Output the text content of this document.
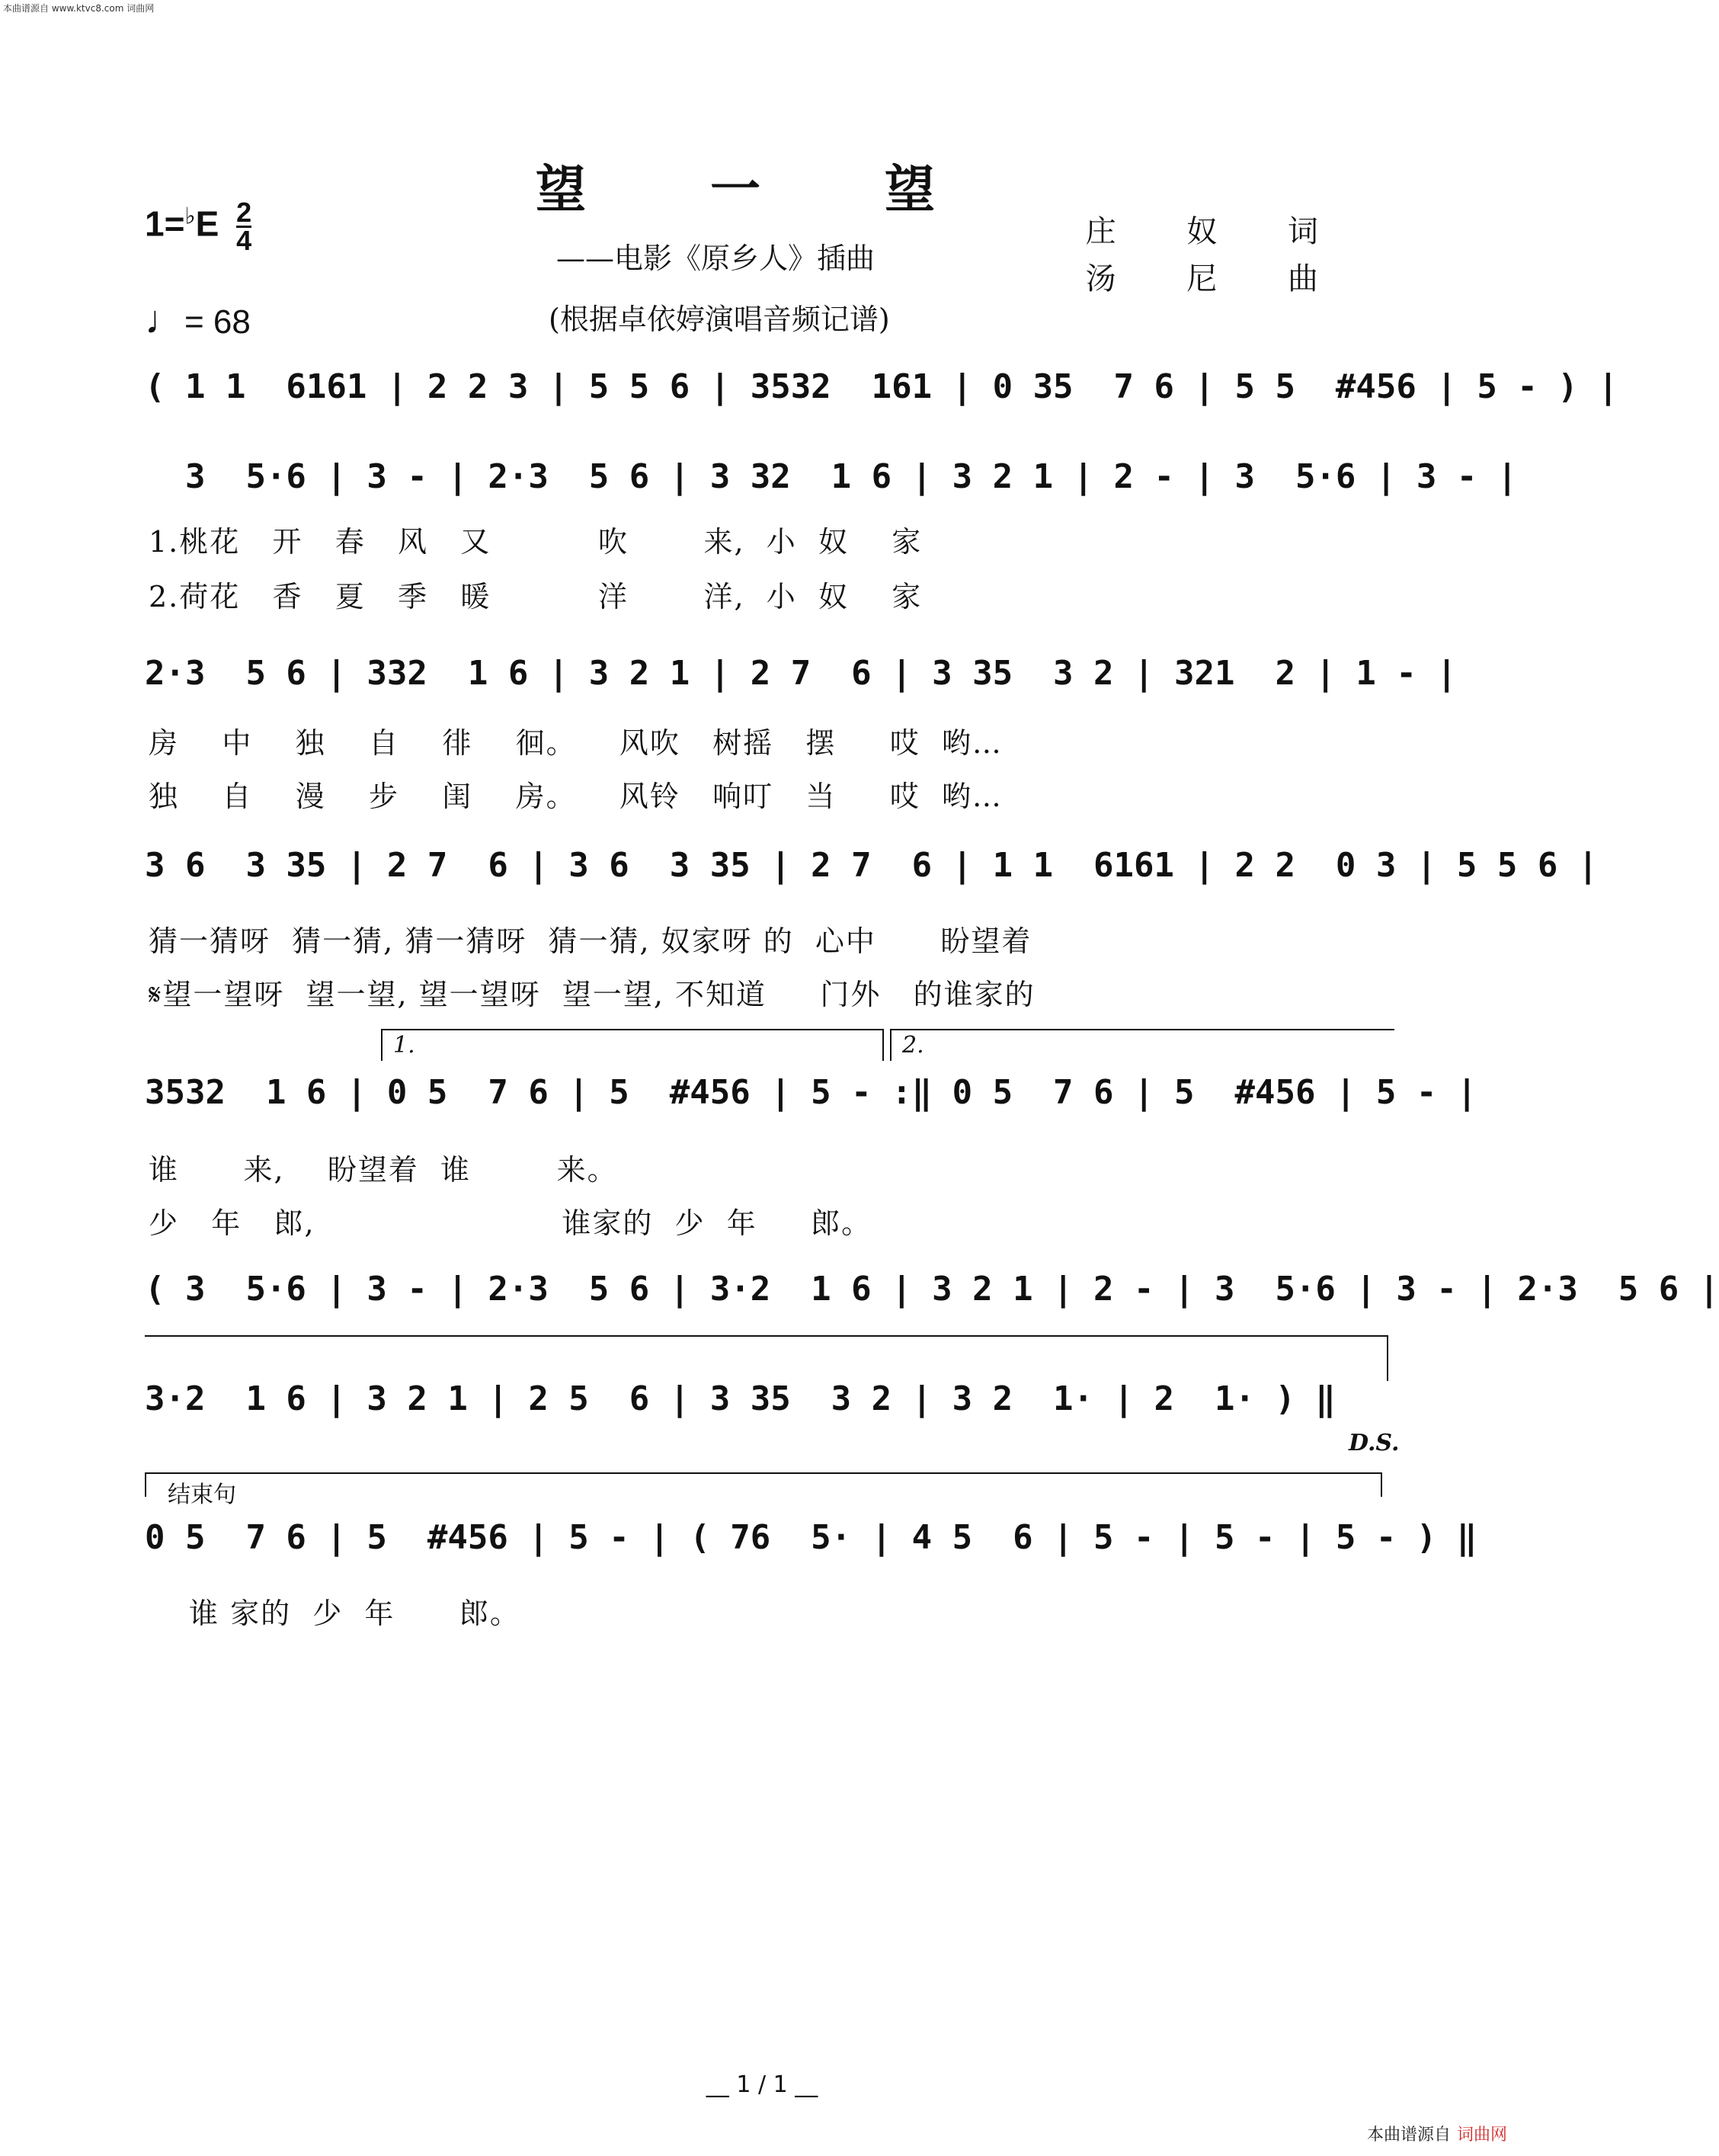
本曲谱源自 www.ktvc8.com 词曲网
望 一 望
——电影《原乡人》插曲
(根据卓依婷演唱音频记谱)
庄 奴 词
汤 尼 曲
$1=^♭E \frac{2}{4}$
♩= 68
( 1 1  6161 | 2 2 3 | 5 5 6 | 3532  161 | 0 35  7 6 | 5 5  #456 | 5 - ) |
3  5·6 | 3 - | 2·3  5 6 | 3 32  1 6 | 3 2 1 | 2 - | 3  5·6 | 3 - |
1.桃花   开   春   风   又          吹       来,  小  奴    家
2.荷花   香   夏   季   暖          洋       洋,  小  奴    家
2·3  5 6 | 332  1 6 | 3 2 1 | 2 7  6 | 3 35  3 2 | 321  2 | 1 - |
房    中    独    自    徘    徊。    风吹   树摇   摆     哎  哟…
独    自    漫    步    闺    房。    风铃   响叮   当     哎  哟…
3 6  3 35 | 2 7  6 | 3 6  3 35 | 2 7  6 | 1 1  6161 | 2 2  0 3 | 5 5 6 |
猜一猜呀  猜一猜, 猜一猜呀  猜一猜, 奴家呀 的  心中      盼望着
𝄋望一望呀  望一望, 望一望呀  望一望, 不知道     门外   的谁家的
1.	2.
3532  1 6 | 0 5  7 6 | 5  #456 | 5 - :‖ 0 5  7 6 | 5  #456 | 5 - |
谁      来,    盼望着  谁        来。
少   年   郎,                       谁家的  少  年     郎。
( 3  5·6 | 3 - | 2·3  5 6 | 3·2  1 6 | 3 2 1 | 2 - | 3  5·6 | 3 - | 2·3  5 6 |
3·2  1 6 | 3 2 1 | 2 5  6 | 3 35  3 2 | 3 2  1· | 2  1· ) ‖
D.S.
结束句
0 5  7 6 | 5  #456 | 5 - | ( 76  5· | 4 5  6 | 5 - | 5 - | 5 - ) ‖
谁 家的  少  年      郎。
__ 1 / 1 __
本曲谱源自 词曲网
